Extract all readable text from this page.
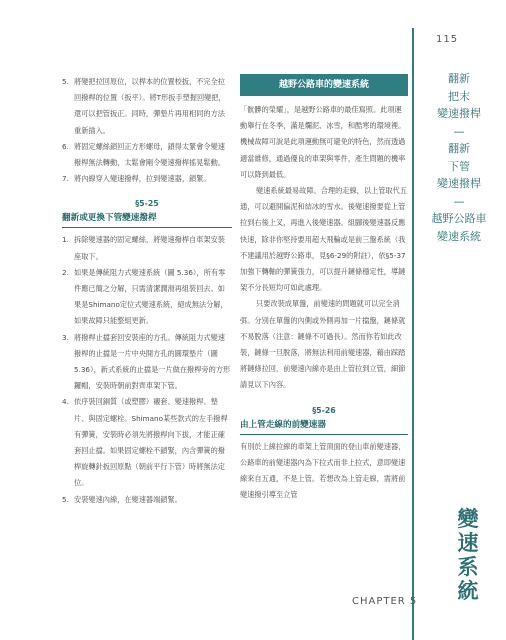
115
翻新
把末
變速撥桿
—
翻新
下管
變速撥桿
—
越野公路車
變速系統
變
速
系
統
CHAPTER 5
5. 將變把拉回原位，以桿本的位置校扳，不完全拉回撥桿的位置（扳平）。將T形扳手塑握回變把，還可以把管扳正。同時，彈墊片再用相同的方法重新插入。
6. 將固定螺絲鎖回正方形螺母，鎖得太緊會令變速撥桿無法轉動，太鬆會剛令變速撥桿搖晃鬆動。
7. 將內線穿入變速撥桿，拉到變速器，鎖緊。
§5-25
翻新或更換下管變速撥桿
1. 拆除變速器的固定螺絲，將變速撥桿自車架安裝座取下。
2. 如果是傳統阻力式變速系統（圖 5.36），所有零件應已簡之分解，只需清潔潤滑再組裝回去。如果是Shimano定位式變速系統，絕成無法分解，如果故障只能整組更新。
3. 將撥桿止擋套回安裝座的方孔。傳統阻力式變速撥桿的止擋是一片中央開方孔的圓環墊片（圖 5.36），新式系統的止擋是一片做在撥桿旁的方形鑼帽，安裝時朝前對齊車架下管。
4. 依序裝回銅質（或塑膠）襯套、變速撥桿、墊片、與固定螺栓。Shimano某些款式的左手撥桿有彈簧，安裝時必須先將撥桿向下拔，才能正確套回止擋。如果固定螺栓不鎖緊，內含彈簧的撥桿旋轉針扳回原點（朝前平行下管）時將無法定位。
5. 安裝變速內線，在變速器端鎖緊。
越野公路車的變速系統

「骯髒的榮耀」，是越野公路車的最佳寫照。此項運動舉行在冬季，滿是爛泥、冰雪，和酷寒的環境裡。機械故障可說是此項運動無可避免的特色，然而透過適當維修，通過優良的車架與零件，產生問題的機率可以降到最低。

變速系統最易故障。合理的走線，以上管取代五通，可以避開偏泥和結冰的雪水。後變速撥要從上管拉到右後上叉，再進入後變速器。組腳後變速器反應快速，除非你堅持要用超大飛輪或是前三盤系統（我不建議用於越野公路車，見§6-29的附註），依§5-37加強下轉軸的彈簧張力，可以提升鏈條穩定性，導鏈架不分長短均可如此處理。

只要改裝成單盤，前變速的問題就可以完全消弭。分別在單盤的內側或外側再加一片擋盤，鏈條就不易脫落（注意：鏈條不可過長）。然而你若如此改裝，鏈條一旦脫落，將無法利用前變速器，藉由踩踏將鏈條拉回，前變速內線亦是由上管拉到立管，細節請見以下內容。

§5-26
由上管走線的前變速器

有別於上線拉線的車架上管頂面的登山車前變速器，公路車的前變速器內為下拉式而非上拉式，意即變速線來自五通，不是上管。若想改為上管走線，需將前變速撥引導至立管
